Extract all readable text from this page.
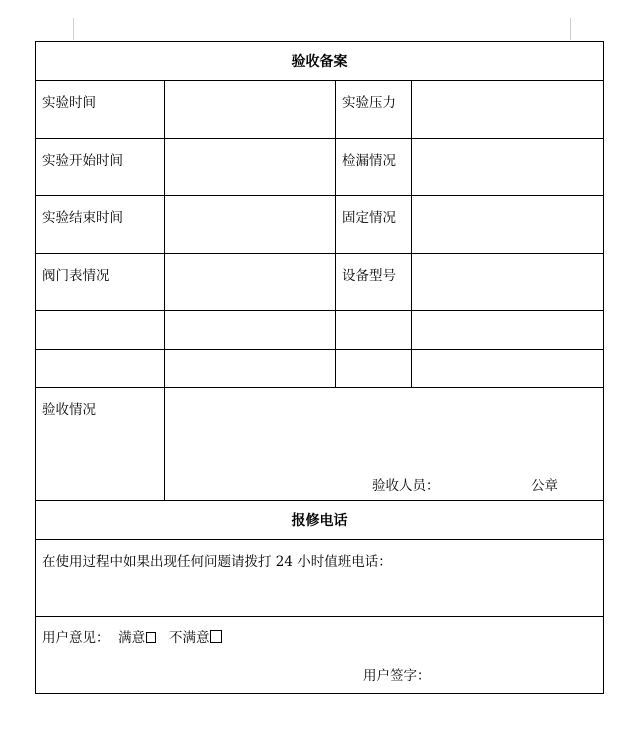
验收备案			
实验时间		实验压力	
实验开始时间		检漏情况	
实验结束时间		固定情况	
阀门表情况		设备型号	

验收情况	验收人员： 公章		

报修电话			
在使用过程中如果出现任何问题请拨打 24 小时值班电话：			

用户意见： 满意 不满意
用户签字：			
